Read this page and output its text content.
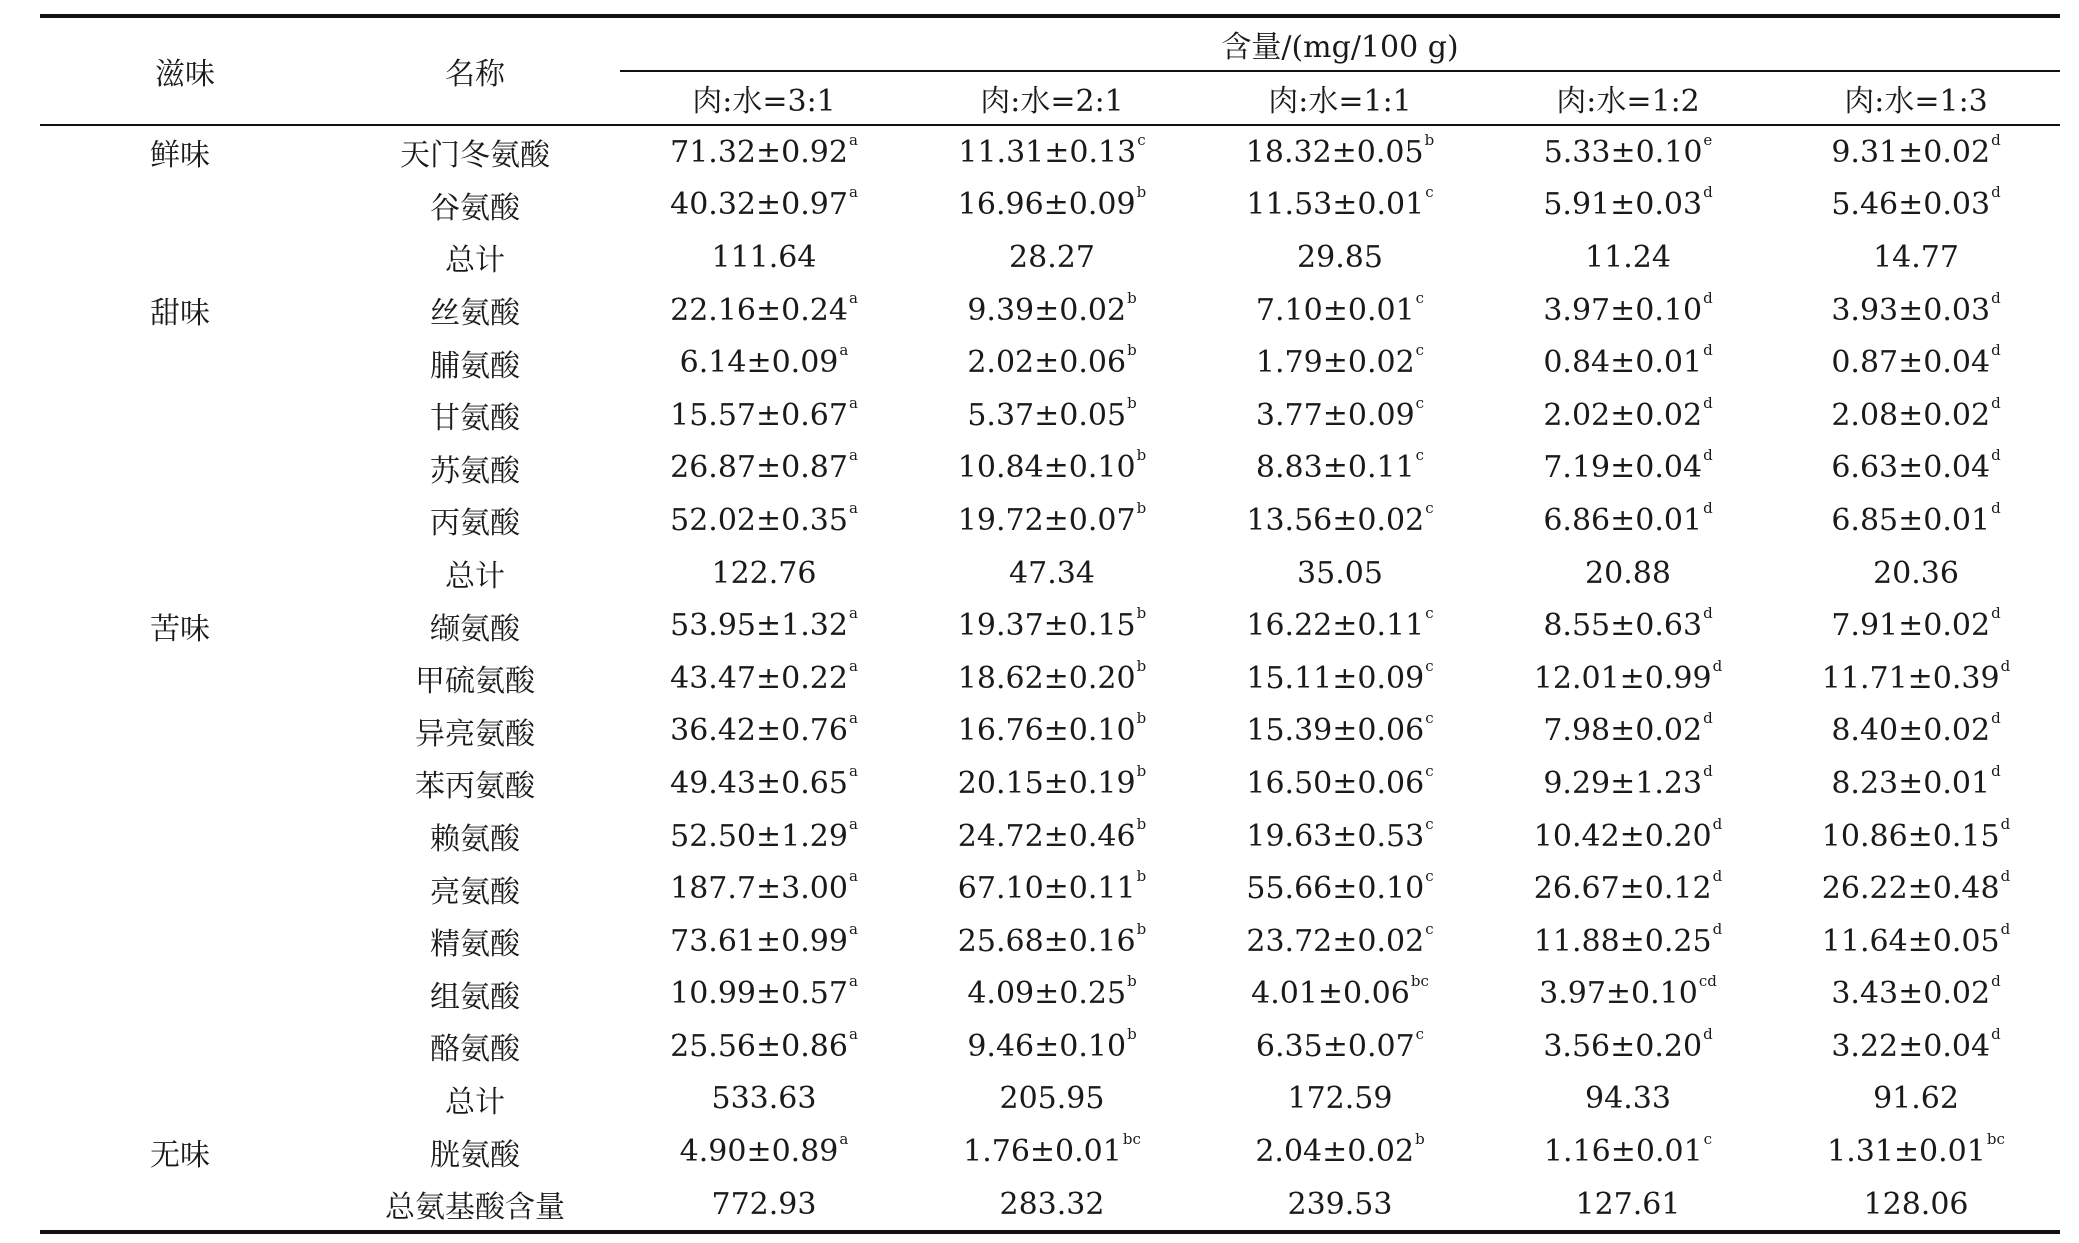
滋味	名称	含量/(mg/100 g)				
		肉:水=3:1	肉:水=2:1	肉:水=1:1	肉:水=1:2	肉:水=1:3
鲜味	天门冬氨酸	71.32±0.92$^a$	11.31±0.13$^c$	18.32±0.05$^b$	5.33±0.10$^e$	9.31±0.02$^d$
	谷氨酸	40.32±0.97$^a$	16.96±0.09$^b$	11.53±0.01$^c$	5.91±0.03$^d$	5.46±0.03$^d$
	总计	111.64	28.27	29.85	11.24	14.77
甜味	丝氨酸	22.16±0.24$^a$	9.39±0.02$^b$	7.10±0.01$^c$	3.97±0.10$^d$	3.93±0.03$^d$
	脯氨酸	6.14±0.09$^a$	2.02±0.06$^b$	1.79±0.02$^c$	0.84±0.01$^d$	0.87±0.04$^d$
	甘氨酸	15.57±0.67$^a$	5.37±0.05$^b$	3.77±0.09$^c$	2.02±0.02$^d$	2.08±0.02$^d$
	苏氨酸	26.87±0.87$^a$	10.84±0.10$^b$	8.83±0.11$^c$	7.19±0.04$^d$	6.63±0.04$^d$
	丙氨酸	52.02±0.35$^a$	19.72±0.07$^b$	13.56±0.02$^c$	6.86±0.01$^d$	6.85±0.01$^d$
	总计	122.76	47.34	35.05	20.88	20.36
苦味	缬氨酸	53.95±1.32$^a$	19.37±0.15$^b$	16.22±0.11$^c$	8.55±0.63$^d$	7.91±0.02$^d$
	甲硫氨酸	43.47±0.22$^a$	18.62±0.20$^b$	15.11±0.09$^c$	12.01±0.99$^d$	11.71±0.39$^d$
	异亮氨酸	36.42±0.76$^a$	16.76±0.10$^b$	15.39±0.06$^c$	7.98±0.02$^d$	8.40±0.02$^d$
	苯丙氨酸	49.43±0.65$^a$	20.15±0.19$^b$	16.50±0.06$^c$	9.29±1.23$^d$	8.23±0.01$^d$
	赖氨酸	52.50±1.29$^a$	24.72±0.46$^b$	19.63±0.53$^c$	10.42±0.20$^d$	10.86±0.15$^d$
	亮氨酸	187.7±3.00$^a$	67.10±0.11$^b$	55.66±0.10$^c$	26.67±0.12$^d$	26.22±0.48$^d$
	精氨酸	73.61±0.99$^a$	25.68±0.16$^b$	23.72±0.02$^c$	11.88±0.25$^d$	11.64±0.05$^d$
	组氨酸	10.99±0.57$^a$	4.09±0.25$^b$	4.01±0.06$^{bc}$	3.97±0.10$^{cd}$	3.43±0.02$^d$
	酪氨酸	25.56±0.86$^a$	9.46±0.10$^b$	6.35±0.07$^c$	3.56±0.20$^d$	3.22±0.04$^d$
	总计	533.63	205.95	172.59	94.33	91.62
无味	胱氨酸	4.90±0.89$^a$	1.76±0.01$^{bc}$	2.04±0.02$^b$	1.16±0.01$^c$	1.31±0.01$^{bc}$
	总氨基酸含量	772.93	283.32	239.53	127.61	128.06
